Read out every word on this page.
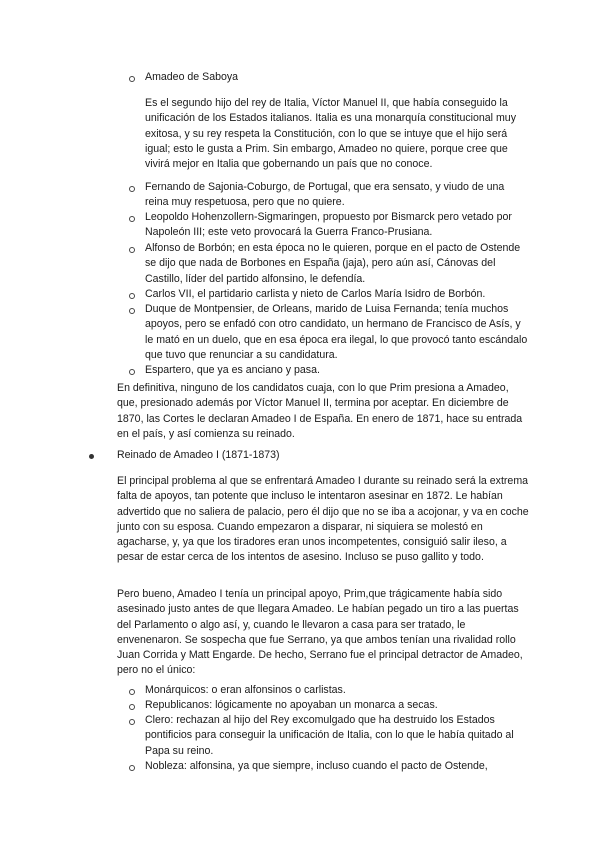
Amadeo de Saboya

Es el segundo hijo del rey de Italia, Víctor Manuel II, que había conseguido la unificación de los Estados italianos. Italia es una monarquía constitucional muy exitosa, y su rey respeta la Constitución, con lo que se intuye que el hijo será igual; esto le gusta a Prim. Sin embargo, Amadeo no quiere, porque cree que vivirá mejor en Italia que gobernando un país que no conoce.

Fernando de Sajonia-Coburgo, de Portugal, que era sensato, y viudo de una reina muy respetuosa, pero que no quiere.
Leopoldo Hohenzollern-Sigmaringen, propuesto por Bismarck pero vetado por Napoleón III; este veto provocará la Guerra Franco-Prusiana.
Alfonso de Borbón; en esta época no le quieren, porque en el pacto de Ostende se dijo que nada de Borbones en España (jaja), pero aún así, Cánovas del Castillo, líder del partido alfonsino, le defendía.
Carlos VII, el partidario carlista y nieto de Carlos María Isidro de Borbón.
Duque de Montpensier, de Orleans, marido de Luisa Fernanda; tenía muchos apoyos, pero se enfadó con otro candidato, un hermano de Francisco de Asís, y le mató en un duelo, que en esa época era ilegal, lo que provocó tanto escándalo que tuvo que renunciar a su candidatura.
Espartero, que ya es anciano y pasa.

En definitiva, ninguno de los candidatos cuaja, con lo que Prim presiona a Amadeo, que, presionado además por Víctor Manuel II, termina por aceptar. En diciembre de 1870, las Cortes le declaran Amadeo I de España. En enero de 1871, hace su entrada en el país, y así comienza su reinado.

Reinado de Amadeo I (1871-1873)

El principal problema al que se enfrentará Amadeo I durante su reinado será la extrema falta de apoyos, tan potente que incluso le intentaron asesinar en 1872. Le habían advertido que no saliera de palacio, pero él dijo que no se iba a acojonar, y va en coche junto con su esposa. Cuando empezaron a disparar, ni siquiera se molestó en agacharse, y, ya que los tiradores eran unos incompetentes, consiguió salir ileso, a pesar de estar cerca de los intentos de asesino. Incluso se puso gallito y todo.

Pero bueno, Amadeo I tenía un principal apoyo, Prim,que trágicamente había sido asesinado justo antes de que llegara Amadeo. Le habían pegado un tiro a las puertas del Parlamento o algo así, y, cuando le llevaron a casa para ser tratado, le envenenaron. Se sospecha que fue Serrano, ya que ambos tenían una rivalidad rollo Juan Corrida y Matt Engarde. De hecho, Serrano fue el principal detractor de Amadeo, pero no el único:

Monárquicos: o eran alfonsinos o carlistas.
Republicanos: lógicamente no apoyaban un monarca a secas.
Clero: rechazan al hijo del Rey excomulgado que ha destruido los Estados pontificios para conseguir la unificación de Italia, con lo que le había quitado al Papa su reino.
Nobleza: alfonsina, ya que siempre, incluso cuando el pacto de Ostende,
